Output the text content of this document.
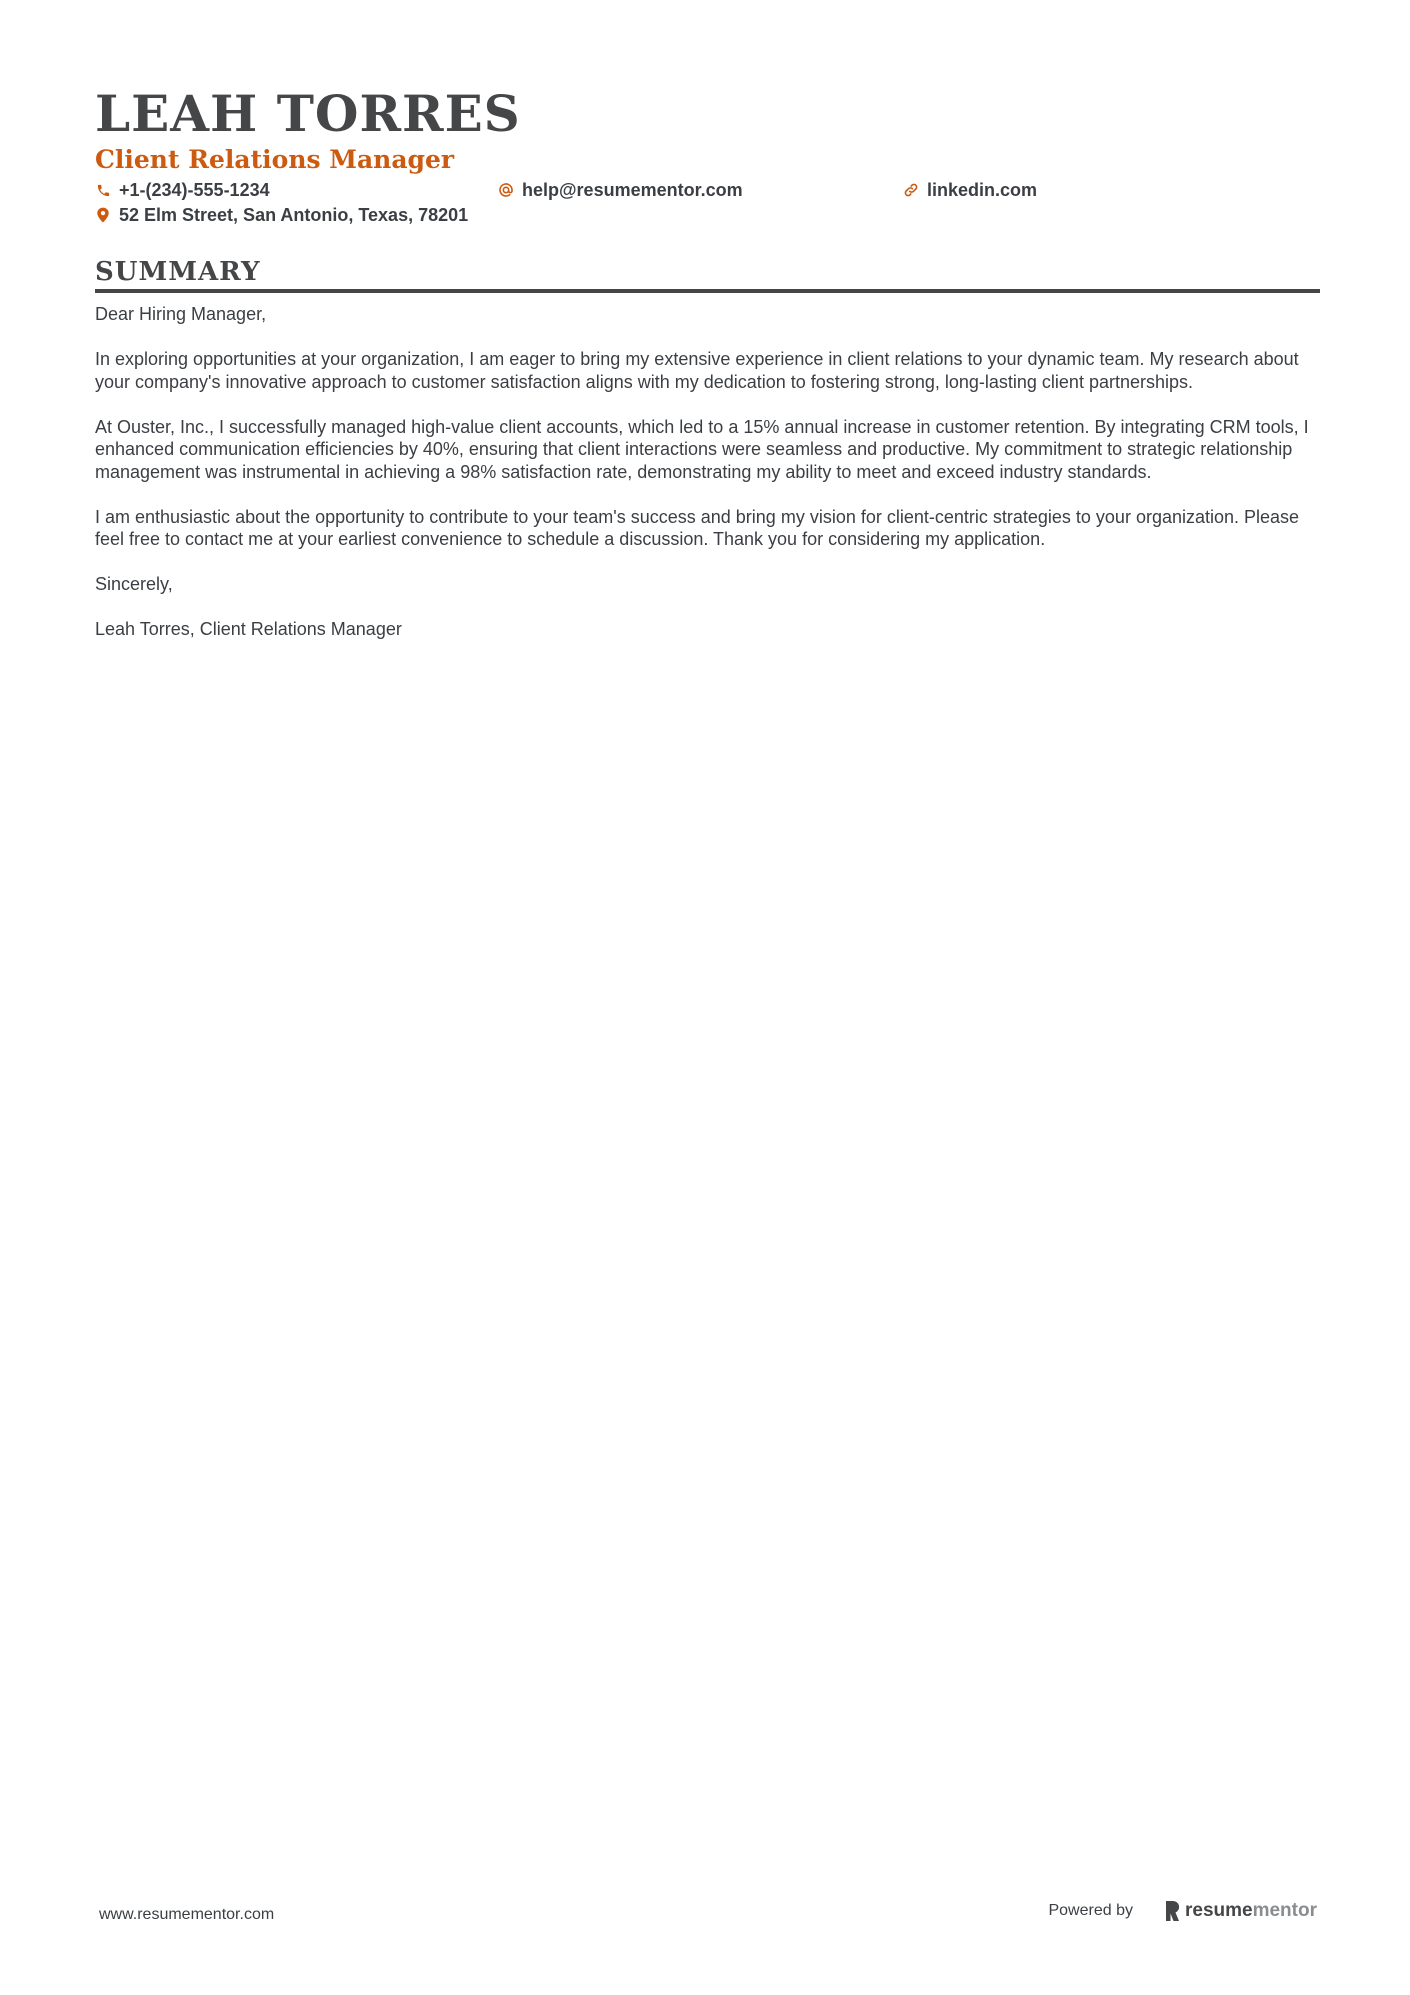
LEAH TORRES
Client Relations Manager
+1-(234)-555-1234	help@resumementor.com	linkedin.com
52 Elm Street, San Antonio, Texas, 78201
SUMMARY

Dear Hiring Manager,

In exploring opportunities at your organization, I am eager to bring my extensive experience in client relations to your dynamic team. My research about your company's innovative approach to customer satisfaction aligns with my dedication to fostering strong, long-lasting client partnerships.

At Ouster, Inc., I successfully managed high-value client accounts, which led to a 15% annual increase in customer retention. By integrating CRM tools, I enhanced communication efficiencies by 40%, ensuring that client interactions were seamless and productive. My commitment to strategic relationship management was instrumental in achieving a 98% satisfaction rate, demonstrating my ability to meet and exceed industry standards.

I am enthusiastic about the opportunity to contribute to your team's success and bring my vision for client-centric strategies to your organization. Please feel free to contact me at your earliest convenience to schedule a discussion. Thank you for considering my application.

Sincerely,

Leah Torres, Client Relations Manager

www.resumementor.com	Powered by	resume mentor
